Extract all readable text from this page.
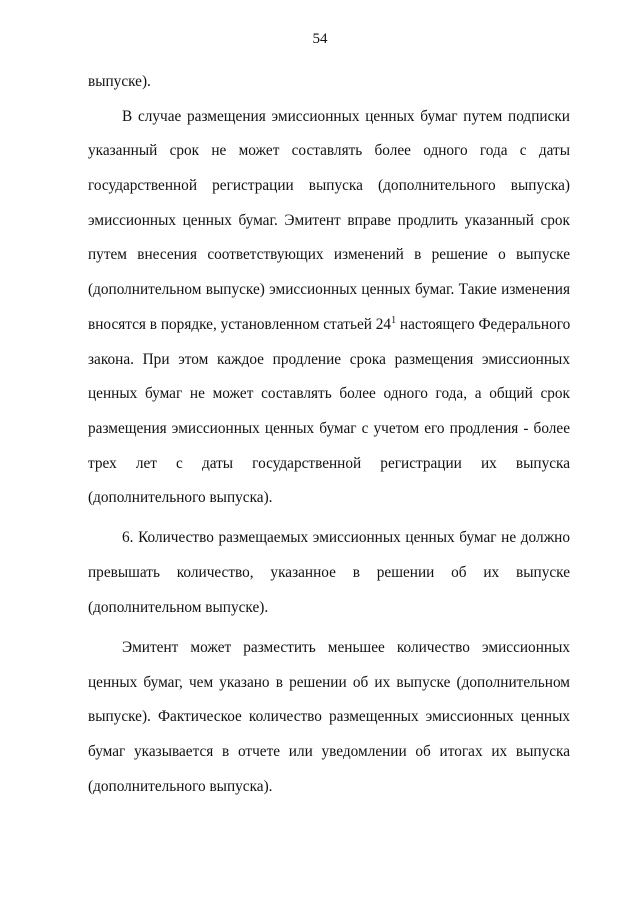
54
выпуске).
В случае размещения эмиссионных ценных бумаг путем подписки
указанный срок не может составлять более одного года с даты
государственной регистрации выпуска (дополнительного выпуска)
эмиссионных ценных бумаг. Эмитент вправе продлить указанный срок
путем внесения соответствующих изменений в решение о выпуске
(дополнительном выпуске) эмиссионных ценных бумаг. Такие изменения
вносятся в порядке, установленном статьей $24^1$ настоящего Федерального
закона. При этом каждое продление срока размещения эмиссионных
ценных бумаг не может составлять более одного года, а общий срок
размещения эмиссионных ценных бумаг с учетом его продления - более
трех лет с даты государственной регистрации их выпуска
(дополнительного выпуска).
6. Количество размещаемых эмиссионных ценных бумаг не должно
превышать количество, указанное в решении об их выпуске
(дополнительном выпуске).
Эмитент может разместить меньшее количество эмиссионных
ценных бумаг, чем указано в решении об их выпуске (дополнительном
выпуске). Фактическое количество размещенных эмиссионных ценных
бумаг указывается в отчете или уведомлении об итогах их выпуска
(дополнительного выпуска).
